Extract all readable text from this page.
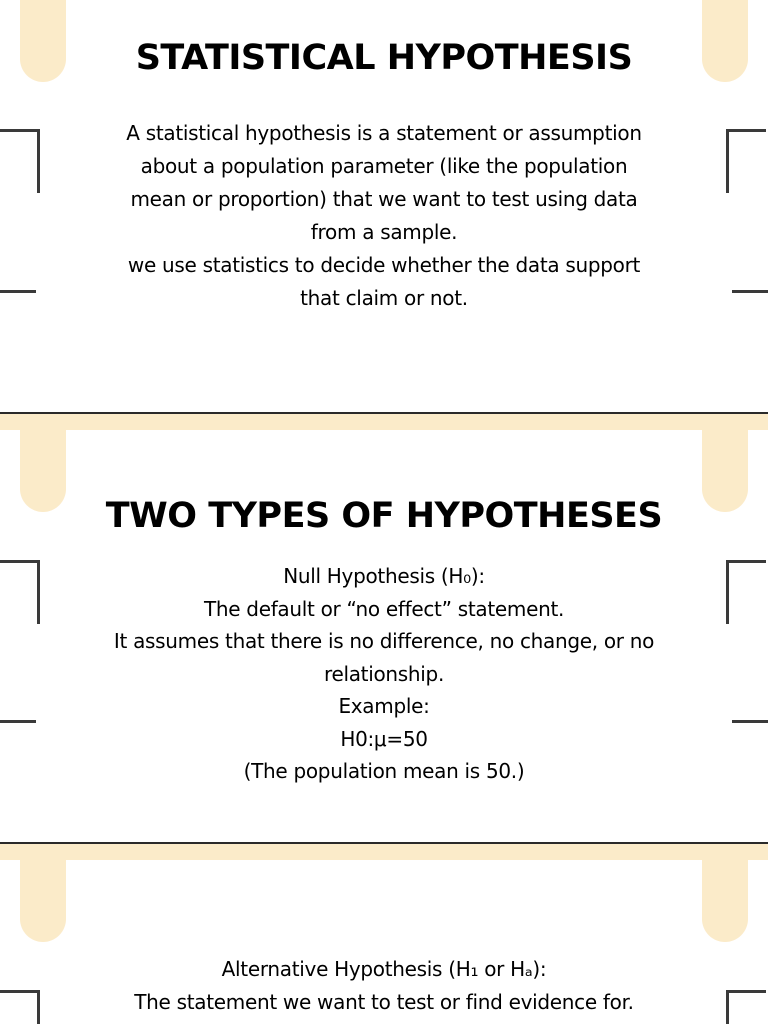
STATISTICAL HYPOTHESIS
A statistical hypothesis is a statement or assumption
about a population parameter (like the population
mean or proportion) that we want to test using data
from a sample.
we use statistics to decide whether the data support
that claim or not.
TWO TYPES OF HYPOTHESES
Null Hypothesis (H₀):
The default or “no effect” statement.
It assumes that there is no difference, no change, or no
relationship.
Example:
H0:μ=50
(The population mean is 50.)
Alternative Hypothesis (H₁ or Hₐ):
The statement we want to test or find evidence for.
